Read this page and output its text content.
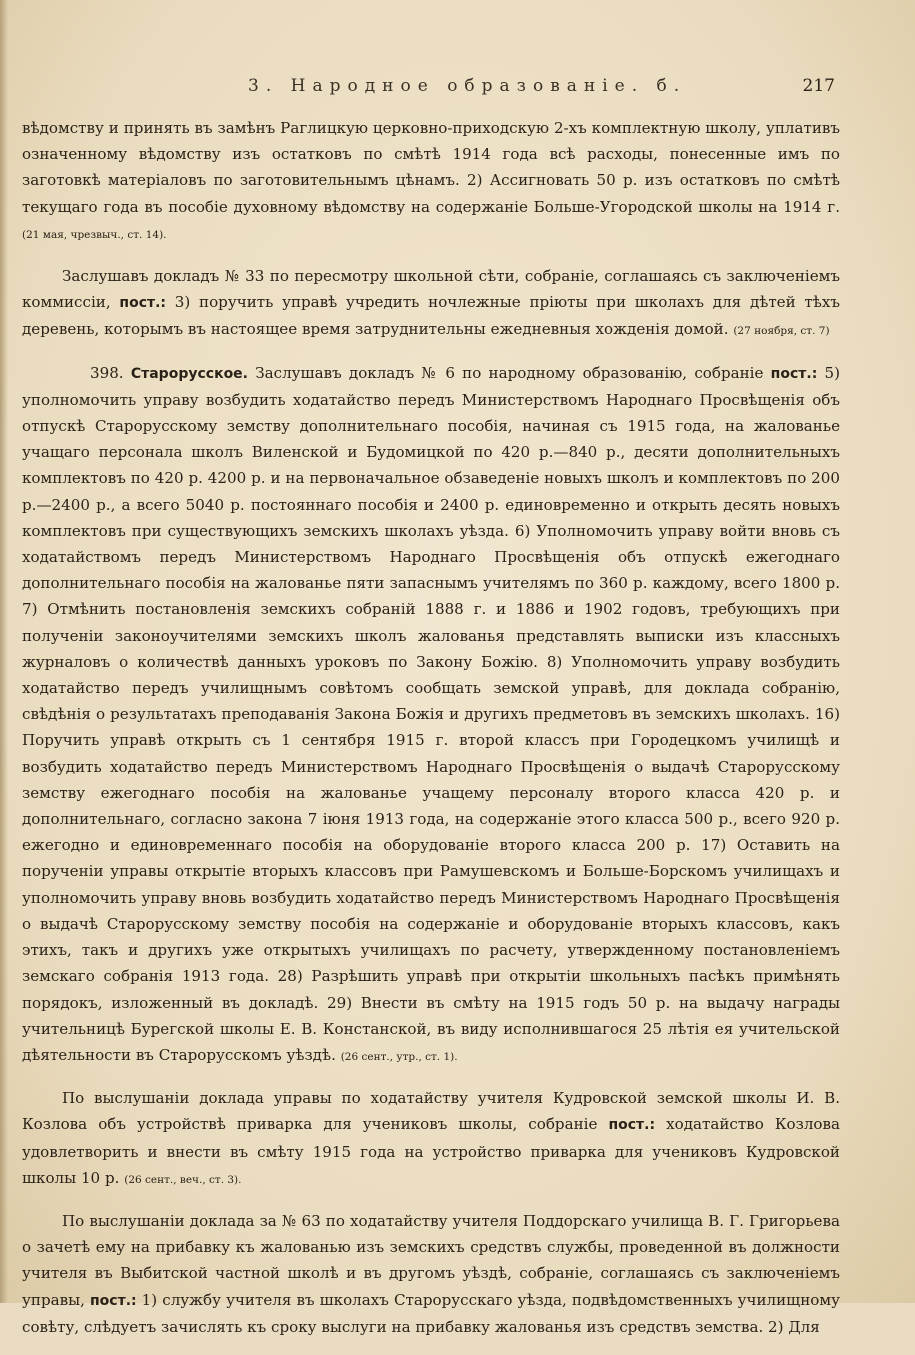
3. Народное образованіе. б.	217

вѣдомству и принять въ замѣнъ Раглицкую церковно-приходскую 2-хъ комплектную школу, уплативъ означенному вѣдомству изъ остатковъ по смѣтѣ 1914 года всѣ расходы, понесенные имъ по заготовкѣ матеріаловъ по заготовительнымъ цѣнамъ. 2) Ассигновать 50 р. изъ остатковъ по смѣтѣ текущаго года въ пособіе духовному вѣдомству на содержаніе Больше-Угородской школы на 1914 г. (21 мая, чрезвыч., ст. 14).

Заслушавъ докладъ № 33 по пересмотру школьной сѣти, собраніе, соглашаясь съ заключеніемъ коммиссіи, пост.: 3) поручить управѣ учредить ночлежные пріюты при школахъ для дѣтей тѣхъ деревень, которымъ въ настоящее время затруднительны ежедневныя хожденія домой. (27 ноября, ст. 7)

398. Старорусское. Заслушавъ докладъ № 6 по народному образованію, собраніе пост.: 5) уполномочить управу возбудить ходатайство передъ Министерствомъ Народнаго Просвѣщенія объ отпускѣ Старорусскому земству дополнительнаго пособія, начиная съ 1915 года, на жалованье учащаго персонала школъ Виленской и Будомицкой по 420 р.—840 р., десяти дополнительныхъ комплектовъ по 420 р. 4200 р. и на первоначальное обзаведеніе новыхъ школъ и комплектовъ по 200 р.—2400 р., а всего 5040 р. постояннаго пособія и 2400 р. единовременно и открыть десять новыхъ комплектовъ при существующихъ земскихъ школахъ уѣзда. 6) Уполномочить управу войти вновь съ ходатайствомъ передъ Министерствомъ Народнаго Просвѣщенія объ отпускѣ ежегоднаго дополнительнаго пособія на жалованье пяти запаснымъ учителямъ по 360 р. каждому, всего 1800 р. 7) Отмѣнить постановленія земскихъ собраній 1888 г. и 1886 и 1902 годовъ, требующихъ при полученіи законоучителями земскихъ школъ жалованья представлять выписки изъ классныхъ журналовъ о количествѣ данныхъ уроковъ по Закону Божію. 8) Уполномочить управу возбудить ходатайство передъ училищнымъ совѣтомъ сообщать земской управѣ, для доклада собранію, свѣдѣнія о результатахъ преподаванія Закона Божія и другихъ предметовъ въ земскихъ школахъ. 16) Поручить управѣ открыть съ 1 сентября 1915 г. второй классъ при Городецкомъ училищѣ и возбудить ходатайство передъ Министерствомъ Народнаго Просвѣщенія о выдачѣ Старорусскому земству ежегоднаго пособія на жалованье учащему персоналу второго класса 420 р. и дополнительнаго, согласно закона 7 іюня 1913 года, на содержаніе этого класса 500 р., всего 920 р. ежегодно и единовременнаго пособія на оборудованіе второго класса 200 р. 17) Оставить на порученіи управы открытіе вторыхъ классовъ при Рамушевскомъ и Больше-Борскомъ училищахъ и уполномочить управу вновь возбудить ходатайство передъ Министерствомъ Народнаго Просвѣщенія о выдачѣ Старорусскому земству пособія на содержаніе и оборудованіе вторыхъ классовъ, какъ этихъ, такъ и другихъ уже открытыхъ училищахъ по расчету, утвержденному постановленіемъ земскаго собранія 1913 года. 28) Разрѣшить управѣ при открытіи школьныхъ пасѣкъ примѣнять порядокъ, изложенный въ докладѣ. 29) Внести въ смѣту на 1915 годъ 50 р. на выдачу награды учительницѣ Бурегской школы Е. В. Констанской, въ виду исполнившагося 25 лѣтія ея учительской дѣятельности въ Старорусскомъ уѣздѣ. (26 сент., утр., ст. 1).

По выслушаніи доклада управы по ходатайству учителя Кудровской земской школы И. В. Козлова объ устройствѣ приварка для учениковъ школы, собраніе пост.: ходатайство Козлова удовлетворить и внести въ смѣту 1915 года на устройство приварка для учениковъ Кудровской школы 10 р. (26 сент., веч., ст. 3).

По выслушаніи доклада за № 63 по ходатайству учителя Поддорскаго училища В. Г. Григорьева о зачетѣ ему на прибавку къ жалованью изъ земскихъ средствъ службы, проведенной въ должности учителя въ Выбитской частной школѣ и въ другомъ уѣздѣ, собраніе, соглашаясь съ заключеніемъ управы, пост.: 1) службу учителя въ школахъ Старорусскаго уѣзда, подвѣдомственныхъ училищному совѣту, слѣдуетъ зачислять къ сроку выслуги на прибавку жалованья изъ средствъ земства. 2) Для
